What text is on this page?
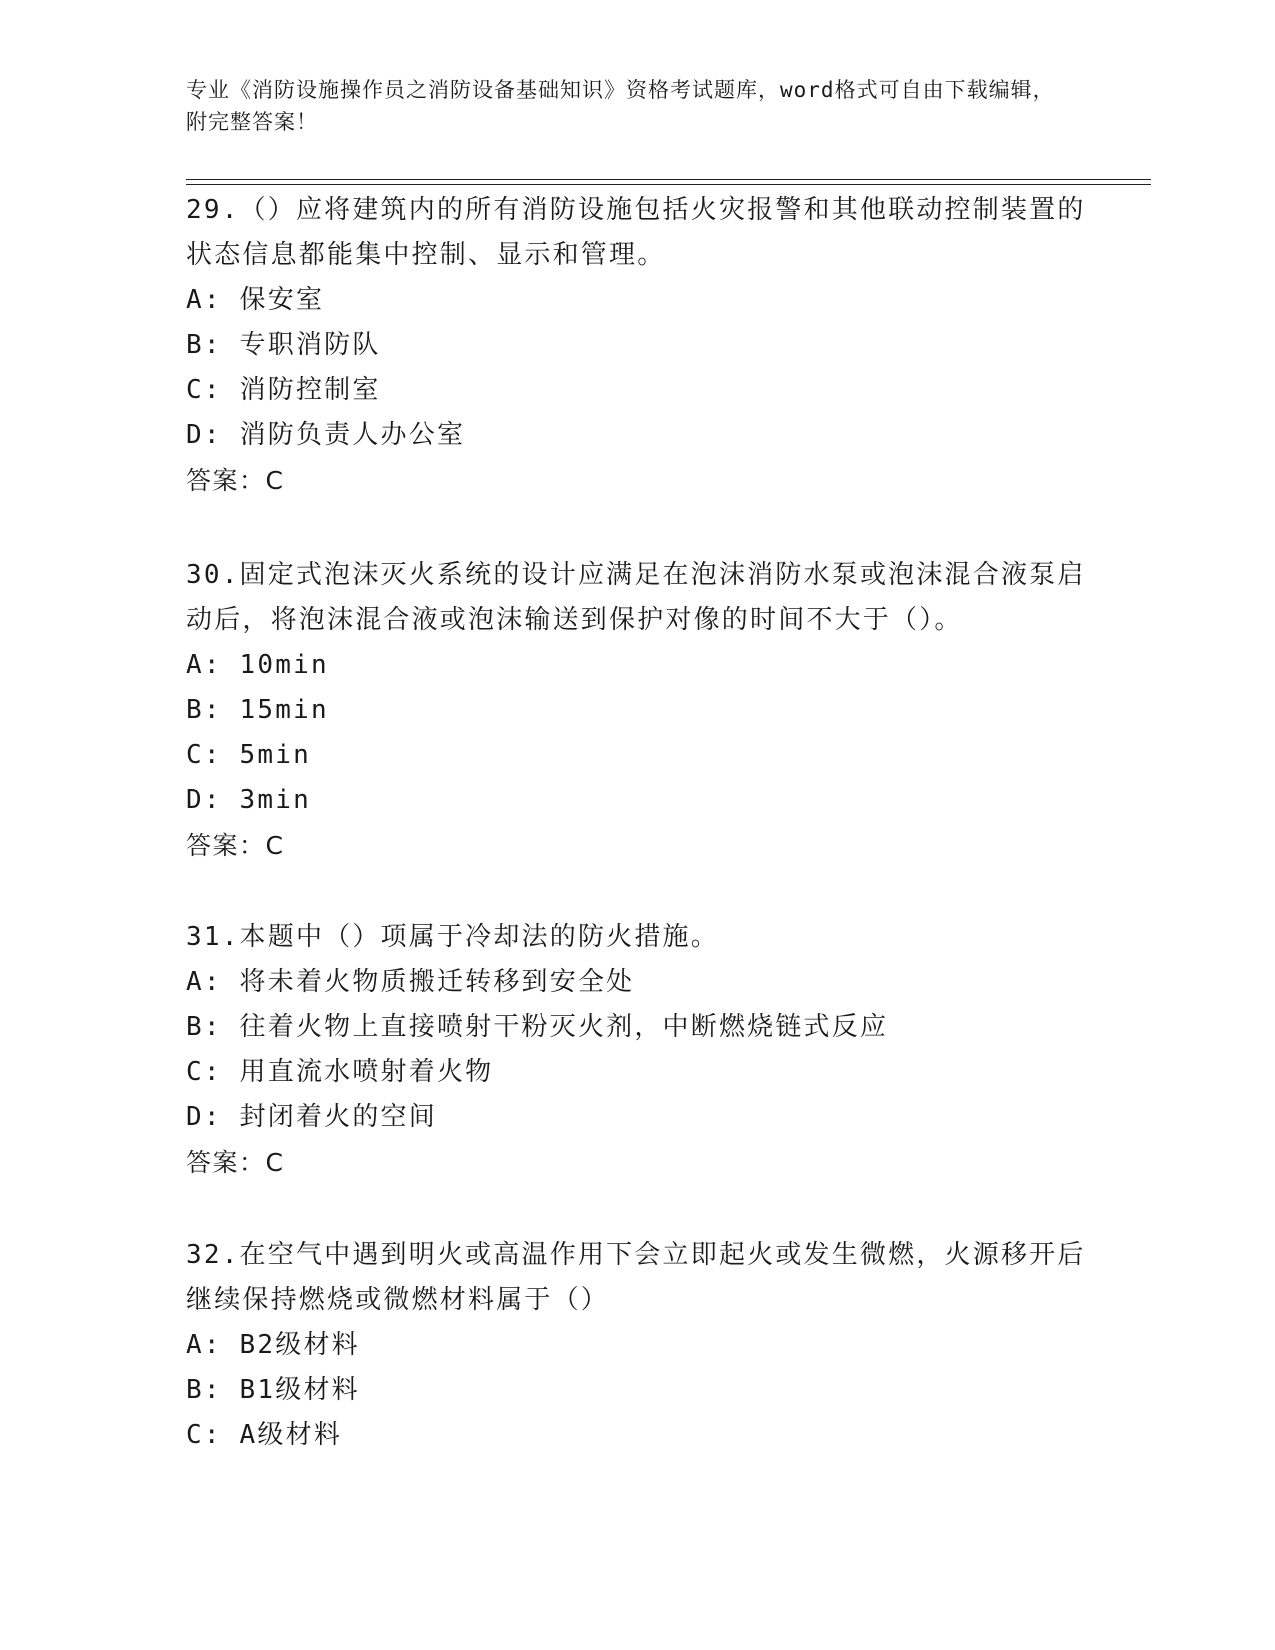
专业《消防设施操作员之消防设备基础知识》资格考试题库，word格式可自由下载编辑，附完整答案！
29.（）应将建筑内的所有消防设施包括火灾报警和其他联动控制装置的状态信息都能集中控制、显示和管理。
A: 保安室
B: 专职消防队
C: 消防控制室
D: 消防负责人办公室
答案：C
30.固定式泡沫灭火系统的设计应满足在泡沫消防水泵或泡沫混合液泵启动后，将泡沫混合液或泡沫输送到保护对像的时间不大于（）。
A: 10min
B: 15min
C: 5min
D: 3min
答案：C
31.本题中（）项属于冷却法的防火措施。
A: 将未着火物质搬迁转移到安全处
B: 往着火物上直接喷射干粉灭火剂，中断燃烧链式反应
C: 用直流水喷射着火物
D: 封闭着火的空间
答案：C
32.在空气中遇到明火或高温作用下会立即起火或发生微燃，火源移开后继续保持燃烧或微燃材料属于（）
A: B2级材料
B: B1级材料
C: A级材料
